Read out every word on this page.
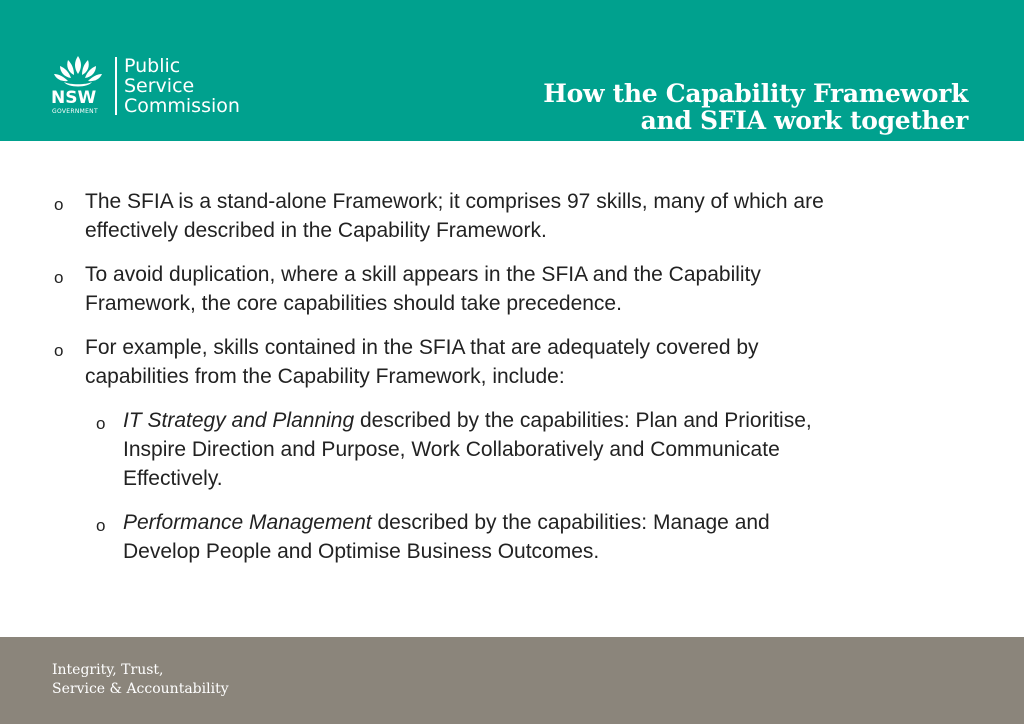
NSW
GOVERNMENT
Public
Service
Commission	How the Capability Framework
and SFIA work together
o The SFIA is a stand-alone Framework; it comprises 97 skills, many of which are
effectively described in the Capability Framework.
o To avoid duplication, where a skill appears in the SFIA and the Capability
Framework, the core capabilities should take precedence.
o For example, skills contained in the SFIA that are adequately covered by
capabilities from the Capability Framework, include:
o IT Strategy and Planning described by the capabilities: Plan and Prioritise,
Inspire Direction and Purpose, Work Collaboratively and Communicate
Effectively.
o Performance Management described by the capabilities: Manage and
Develop People and Optimise Business Outcomes.
Integrity, Trust,
Service & Accountability
